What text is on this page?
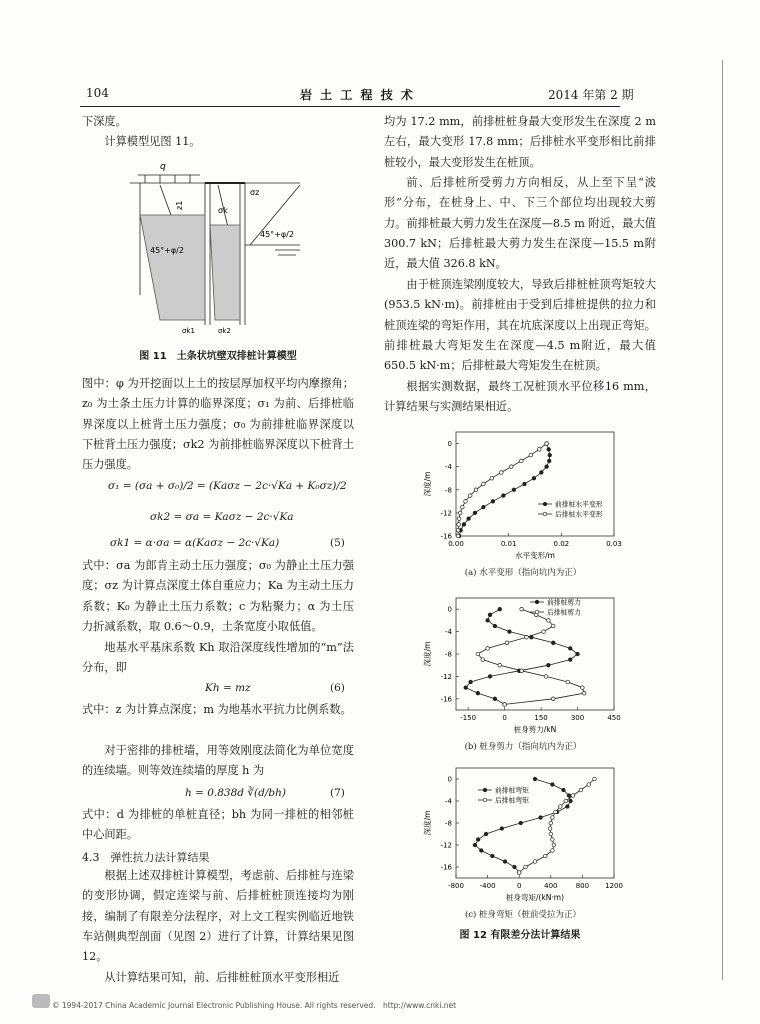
104	岩 土 工 程 技 术	2014 年第 2 期

下深度。

计算模型见图 11。

q
z1
σk
σz
45°+φ/2
45°+φ/2
σk1	σk2
图 11　土条状坑壁双排桩计算模型

图中：φ 为开挖面以上土的按层厚加权平均内摩擦角；z₀ 为土条土压力计算的临界深度；σ₁ 为前、后排桩临界深度以上桩背土压力强度；σ₀ 为前排桩临界深度以下桩背土压力强度；σk2 为前排桩临界深度以下桩背土压力强度。

σ₁ = (σa + σ₀)/2 = (Kaσz − 2c·√Ka + K₀σz)/2
σk2 = σa = Kaσz − 2c·√Ka
σk1 = α·σa = α(Kaσz − 2c·√Ka)	(5)

式中：σa 为郎肯主动土压力强度；σ₀ 为静止土压力强度；σz 为计算点深度土体自重应力；Ka 为主动土压力系数；K₀ 为静止土压力系数；c 为粘聚力；α 为土压力折减系数，取 0.6～0.9，土条宽度小取低值。

地基水平基床系数 Kh 取沿深度线性增加的“m”法分布，即

Kh = mz	(6)

式中：z 为计算点深度；m 为地基水平抗力比例系数。

对于密排的排桩墙，用等效刚度法简化为单位宽度的连续墙。则等效连续墙的厚度 h 为

h = 0.838d ∛(d/bh)	(7)

式中：d 为排桩的单桩直径；bh 为同一排桩的相邻桩中心间距。

4.3　弹性抗力法计算结果

根据上述双排桩计算模型，考虑前、后排桩与连梁的变形协调，假定连梁与前、后排桩桩顶连接均为刚接，编制了有限差分法程序，对上文工程实例临近地铁车站侧典型剖面（见图 2）进行了计算，计算结果见图 12。

从计算结果可知，前、后排桩桩顶水平变形相近

均为 17.2 mm，前排桩桩身最大变形发生在深度 2 m左右，最大变形 17.8 mm；后排桩水平变形相比前排桩较小，最大变形发生在桩顶。

前、后排桩所受剪力方向相反，从上至下呈“波形”分布，在桩身上、中、下三个部位均出现较大剪力。前排桩最大剪力发生在深度—8.5 m 附近，最大值 300.7 kN；后排桩最大剪力发生在深度—15.5 m附近，最大值 326.8 kN。

由于桩顶连梁刚度较大，导致后排桩桩顶弯矩较大(953.5 kN·m)。前排桩由于受到后排桩提供的拉力和桩顶连梁的弯矩作用，其在坑底深度以上出现正弯矩。前排桩最大弯矩发生在深度—4.5 m附近，最大值 650.5 kN·m；后排桩最大弯矩发生在桩顶。

根据实测数据，最终工况桩顶水平位移16 mm，计算结果与实测结果相近。

0.00	0.01	0.02	0.03
0
-4
-8
-12
-16
水平变形/m
深度/m
前排桩水平变形
后排桩水平变形
(a) 水平变形（指向坑内为正）
-150	0	150	300	450
0
-4
-8
-12
-16
桩身剪力/kN
深度/m
前排桩剪力
后排桩剪力
(b) 桩身剪力（指向坑内为正）
-800 -400	0	400	800 1200
0
-4
-8
-12
-16
桩身弯矩/(kN·m)
深度/m
前排桩弯矩
后排桩弯矩
(c) 桩身弯矩（桩前受拉为正）
图 12 有限差分法计算结果
© 1994-2017 China Academic Journal Electronic Publishing House. All rights reserved.　http://www.cnki.net
